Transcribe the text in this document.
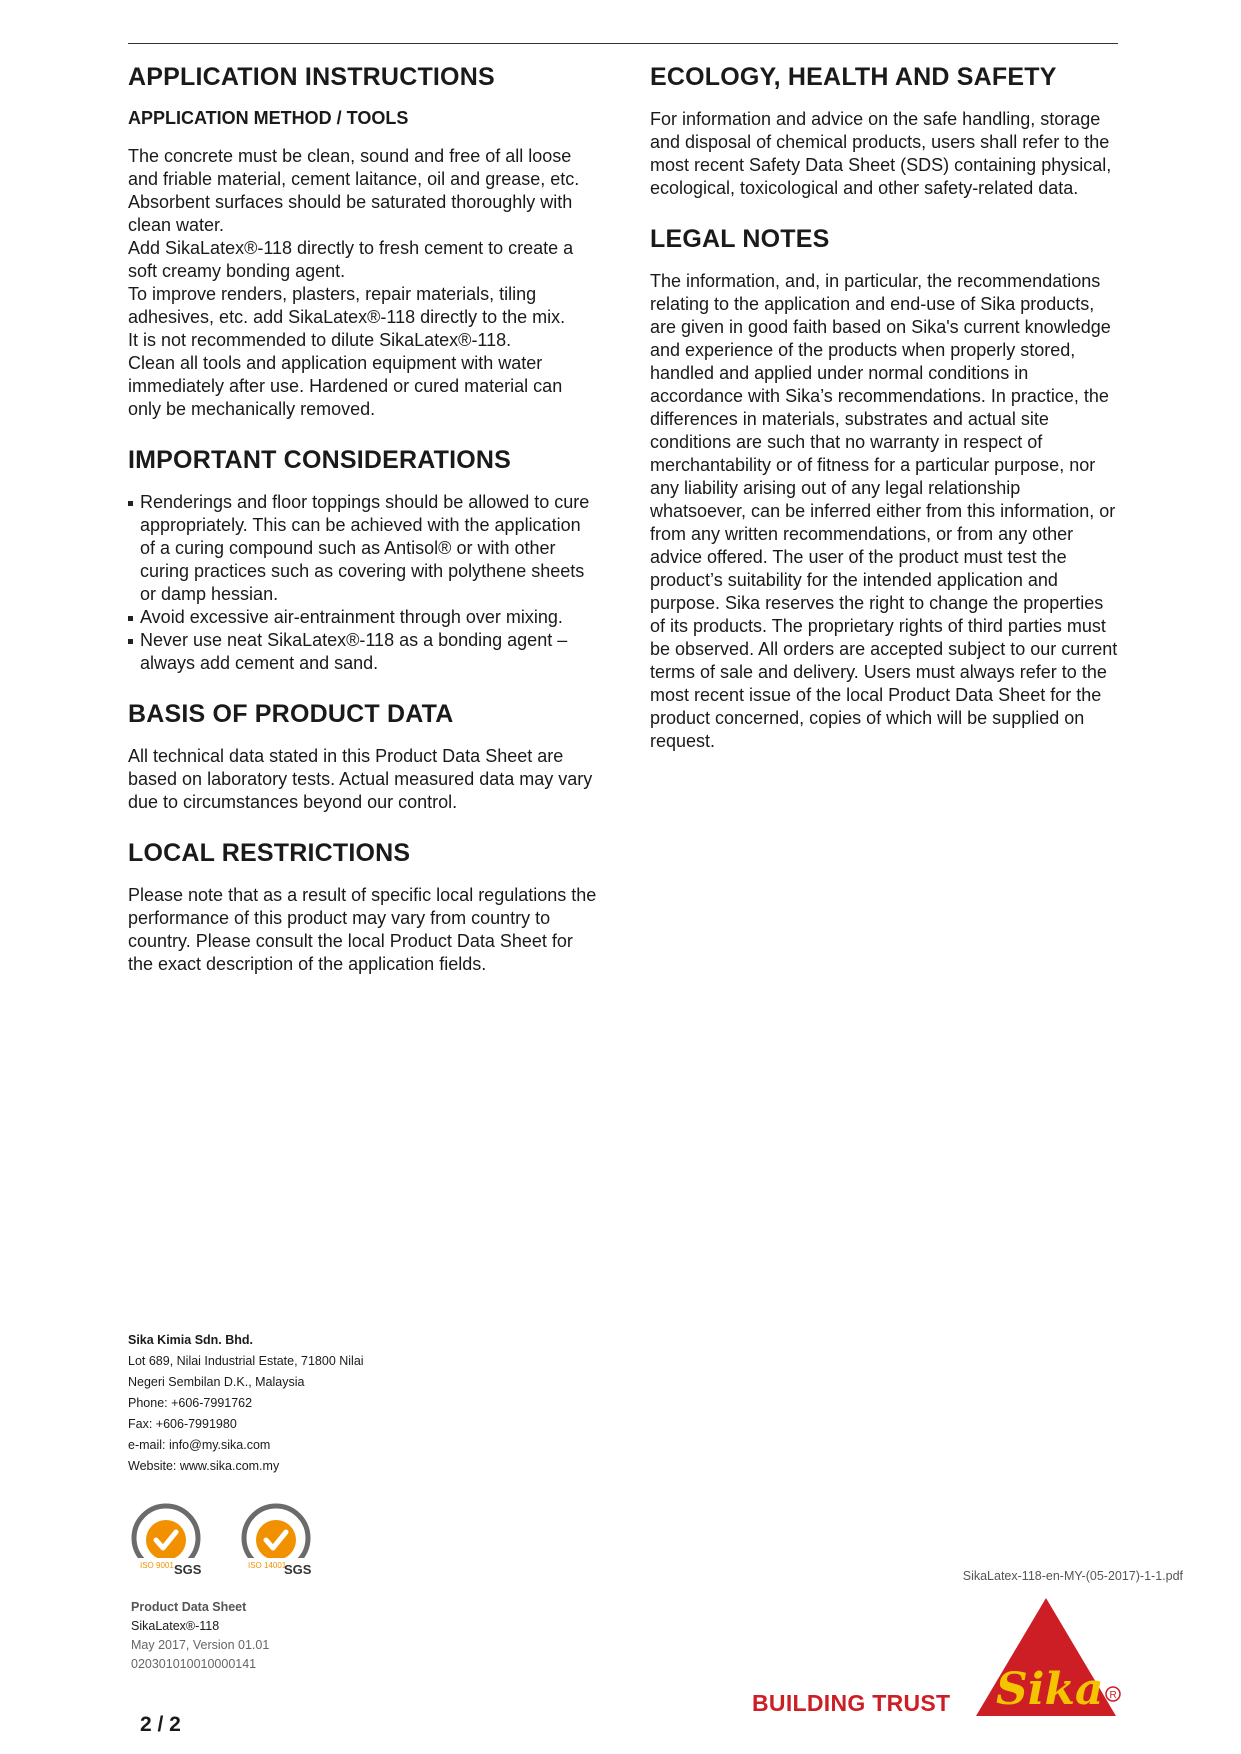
APPLICATION INSTRUCTIONS
APPLICATION METHOD / TOOLS

The concrete must be clean, sound and free of all loose and friable material, cement laitance, oil and grease, etc. Absorbent surfaces should be saturated thoroughly with clean water.

Add SikaLatex®-118 directly to fresh cement to create a soft creamy bonding agent.

To improve renders, plasters, repair materials, tiling adhesives, etc. add SikaLatex®-118 directly to the mix.

It is not recommended to dilute SikaLatex®-118.

Clean all tools and application equipment with water immediately after use. Hardened or cured material can only be mechanically removed.

IMPORTANT CONSIDERATIONS
Renderings and floor toppings should be allowed to cure appropriately. This can be achieved with the application of a curing compound such as Antisol® or with other curing practices such as covering with polythene sheets or damp hessian.
Avoid excessive air-entrainment through over mixing.
Never use neat SikaLatex®-118 as a bonding agent – always add cement and sand.
BASIS OF PRODUCT DATA

All technical data stated in this Product Data Sheet are based on laboratory tests. Actual measured data may vary due to circumstances beyond our control.

LOCAL RESTRICTIONS

Please note that as a result of specific local regulations the performance of this product may vary from country to country. Please consult the local Product Data Sheet for the exact description of the application fields.

ECOLOGY, HEALTH AND SAFETY

For information and advice on the safe handling, storage and disposal of chemical products, users shall refer to the most recent Safety Data Sheet (SDS) containing physical, ecological, toxicological and other safety-related data.

LEGAL NOTES

The information, and, in particular, the recommendations relating to the application and end-use of Sika products, are given in good faith based on Sika's current knowledge and experience of the products when properly stored, handled and applied under normal conditions in accordance with Sika’s recommendations. In practice, the differences in materials, substrates and actual site conditions are such that no warranty in respect of merchantability or of fitness for a particular purpose, nor any liability arising out of any legal relationship whatsoever, can be inferred either from this information, or from any written recommendations, or from any other advice offered. The user of the product must test the product’s suitability for the intended application and purpose. Sika reserves the right to change the properties of its products. The proprietary rights of third parties must be observed. All orders are accepted subject to our current terms of sale and delivery. Users must always refer to the most recent issue of the local Product Data Sheet for the product concerned, copies of which will be supplied on request.

Sika Kimia Sdn. Bhd.
Lot 689, Nilai Industrial Estate, 71800 Nilai
Negeri Sembilan D.K., Malaysia
Phone: +606-7991762
Fax: +606-7991980
e-mail: info@my.sika.com
Website: www.sika.com.my
ISO 9001 SGS	ISO 14001
SGS
Product Data Sheet
SikaLatex®-118
May 2017, Version 01.01
020301010010000141
SikaLatex-118-en-MY-(05-2017)-1-1.pdf
BUILDING TRUST Sika R
2 / 2
